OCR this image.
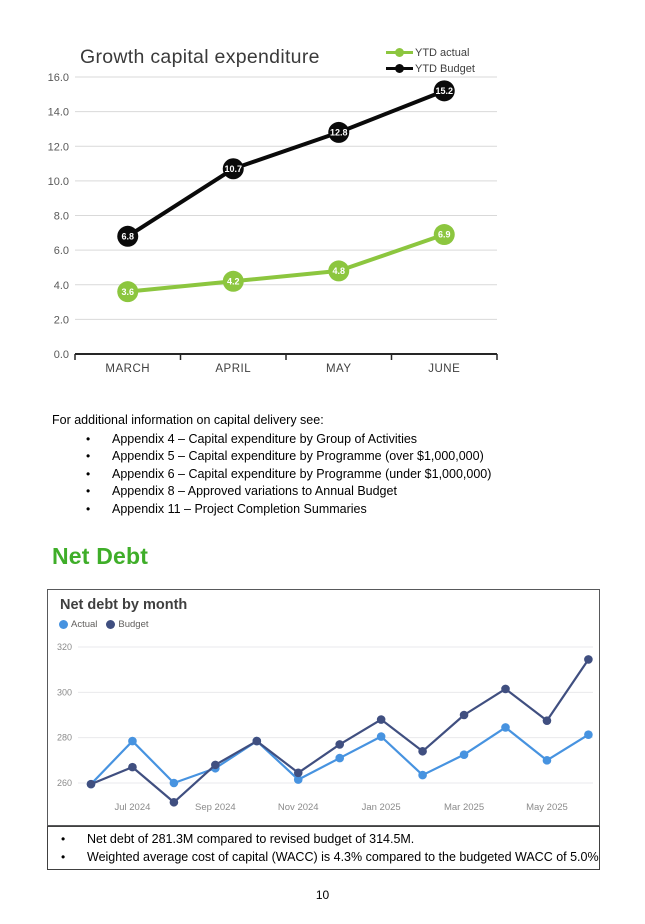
Growth capital expenditure	YTD actual
YTD Budget
0.0
2.0
4.0
6.0
8.0
10.0
12.0
14.0
16.0
MARCH	APRIL	MAY	JUNE
3.6
4.2
4.8
6.9
6.8
10.7
12.8
15.2

For additional information on capital delivery see:

•	Appendix 4 – Capital expenditure by Group of Activities
•	Appendix 5 – Capital expenditure by Programme (over $1,000,000)
•	Appendix 6 – Capital expenditure by Programme (under $1,000,000)
•	Appendix 8 – Approved variations to Annual Budget
•	Appendix 11 – Project Completion Summaries
Net Debt
Net debt by month
Actual Budget
260
280
300
320
Jul 2024	Sep 2024	Nov 2024	Jan 2025	Mar 2025	May 2025
•	Net debt of 281.3M compared to revised budget of 314.5M.
•	Weighted average cost of capital (WACC) is 4.3% compared to the budgeted WACC of 5.0%
10
